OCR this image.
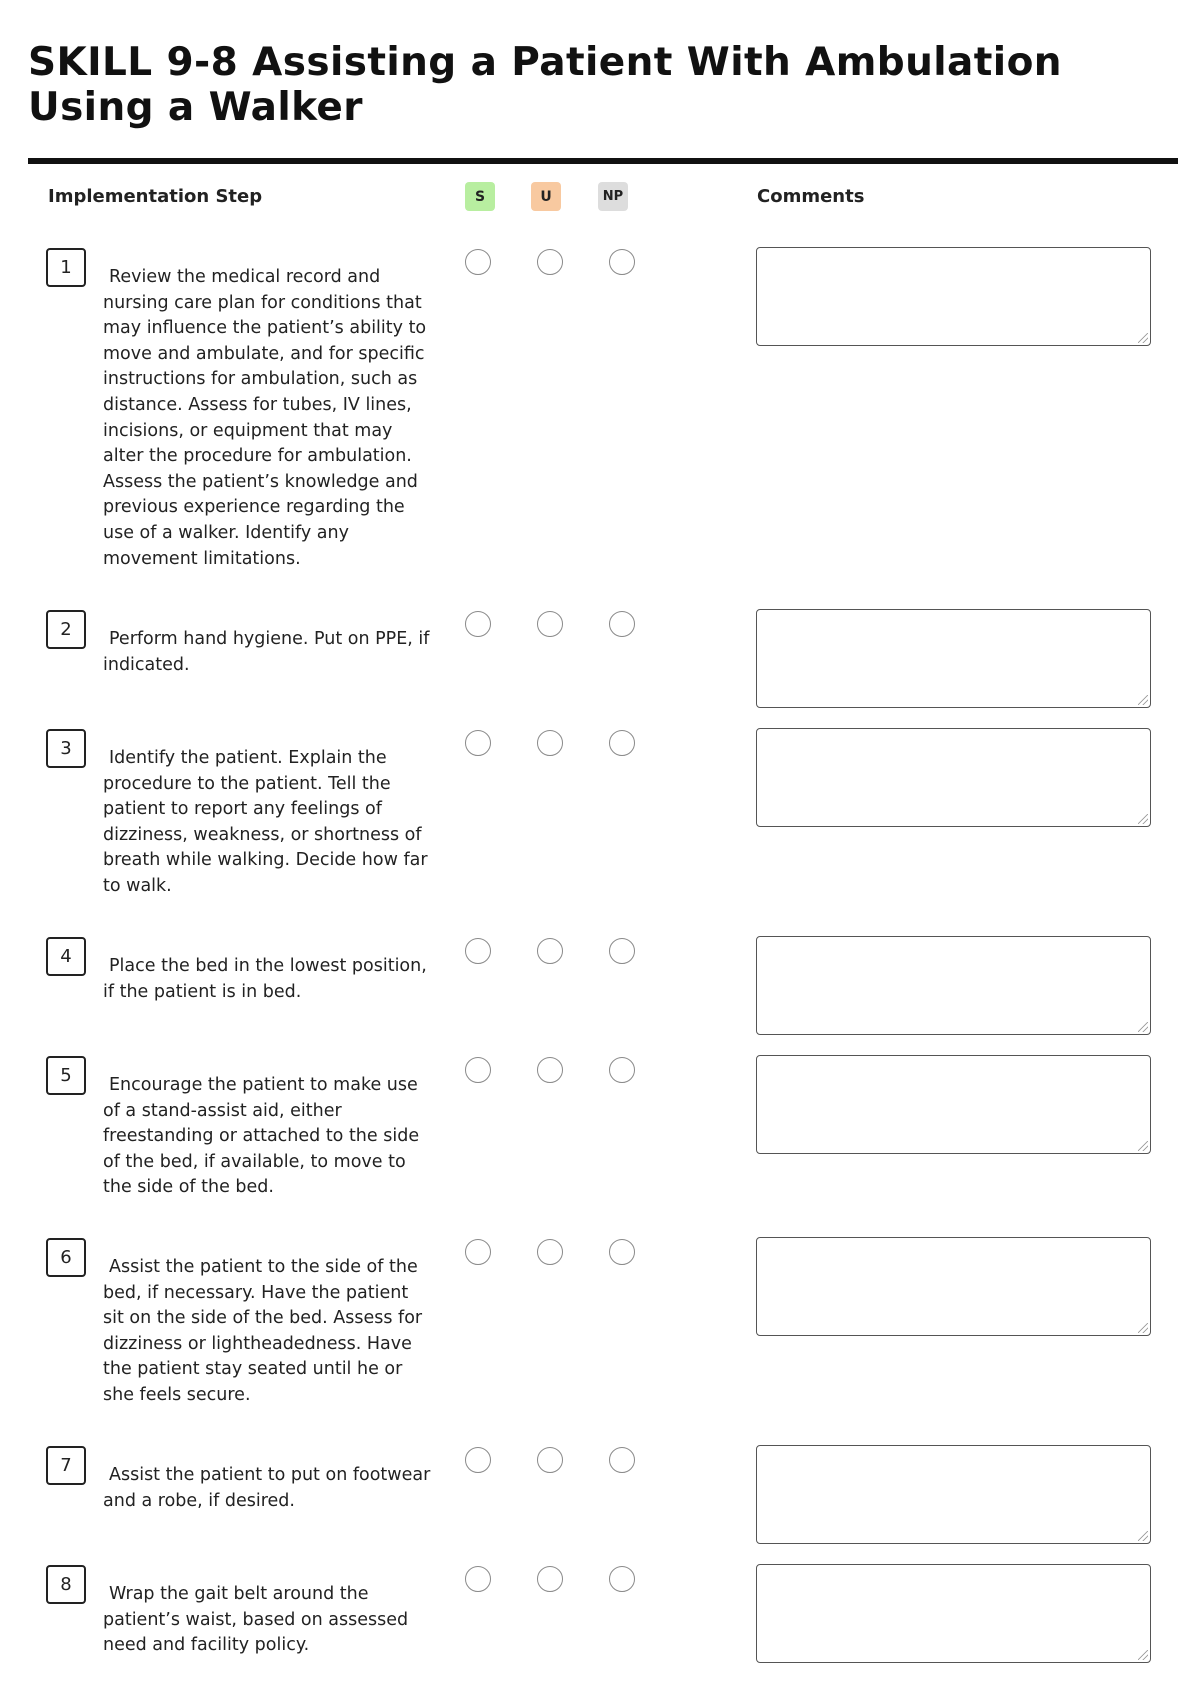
SKILL 9-8 Assisting a Patient With Ambulation Using a Walker
Implementation Step	S	U	NP	Comments
1	Review the medical record and nursing care plan for conditions that may influence the patient’s ability to move and ambulate, and for specific instructions for ambulation, such as distance. Assess for tubes, IV lines, incisions, or equipment that may alter the procedure for ambulation. Assess the patient’s knowledge and previous experience regarding the use of a walker. Identify any movement limitations.
2	Perform hand hygiene. Put on PPE, if indicated.
3	Identify the patient. Explain the procedure to the patient. Tell the patient to report any feelings of dizziness, weakness, or shortness of breath while walking. Decide how far to walk.
4	Place the bed in the lowest position, if the patient is in bed.
5	Encourage the patient to make use of a stand-assist aid, either freestanding or attached to the side of the bed, if available, to move to the side of the bed.
6	Assist the patient to the side of the bed, if necessary. Have the patient sit on the side of the bed. Assess for dizziness or lightheadedness. Have the patient stay seated until he or she feels secure.
7	Assist the patient to put on footwear and a robe, if desired.
8	Wrap the gait belt around the patient’s waist, based on assessed need and facility policy.
